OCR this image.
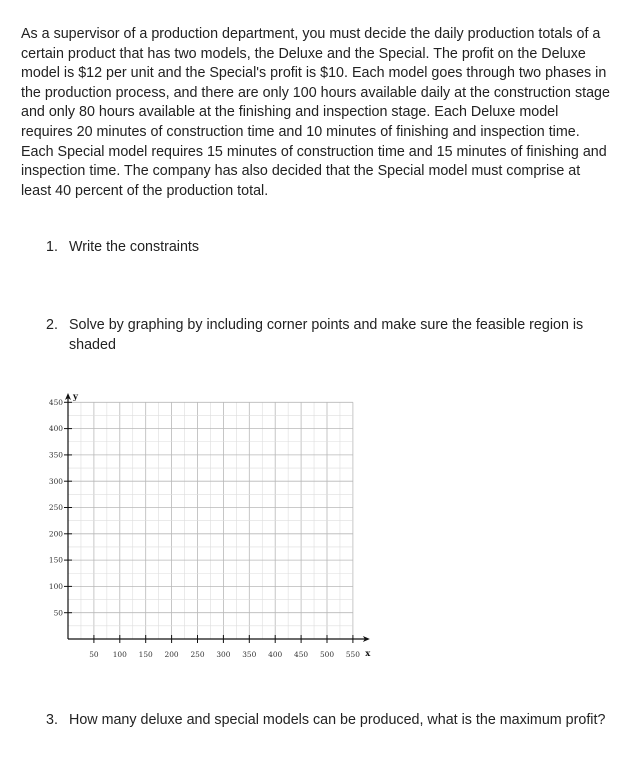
As a supervisor of a production department, you must decide the daily production totals of a certain product that has two models, the Deluxe and the Special. The profit on the Deluxe model is $12 per unit and the Special's profit is $10. Each model goes through two phases in the production process, and there are only 100 hours available daily at the construction stage and only 80 hours available at the finishing and inspection stage. Each Deluxe model requires 20 minutes of construction time and 10 minutes of finishing and inspection time. Each Special model requires 15 minutes of construction time and 15 minutes of finishing and inspection time. The company has also decided that the Special model must comprise at least 40 percent of the production total.

1. Write the constraints
2. Solve by graphing by including corner points and make sure the feasible region is shaded
x
y
50 100 150 200 250 300 350 400 450 500 550
50
100
150
200
250
300
350
400
450
3. How many deluxe and special models can be produced, what is the maximum profit?
